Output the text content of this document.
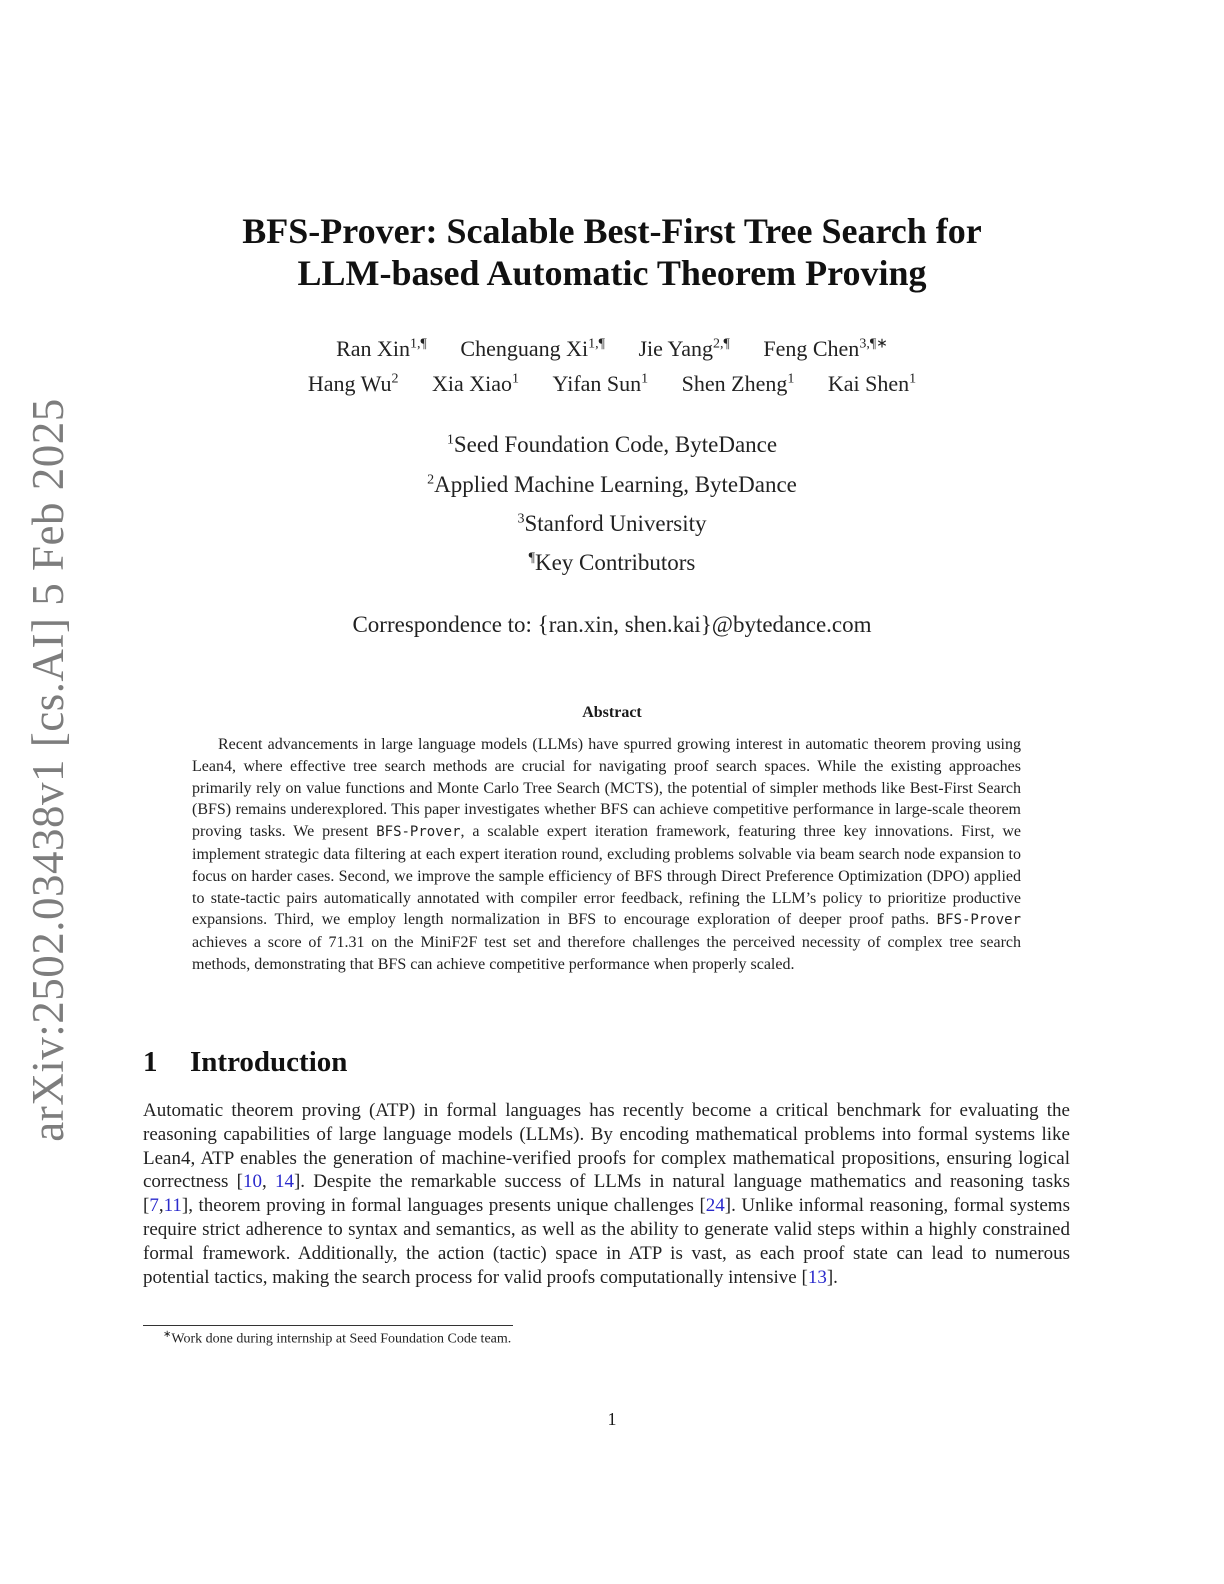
arXiv:2502.03438v1 [cs.AI] 5 Feb 2025
BFS-Prover: Scalable Best-First Tree Search for
LLM-based Automatic Theorem Proving
Ran Xin$^{1,\P}$ Chenguang $Xi^{1,\P}$ Jie Yang$^{2,\P}$ Feng Chen$^{3,\P∗}$
Hang Wu$^2$ Xia Xiao$^1$ Yifan Sun$^1$ Shen Zheng$^1$ Kai Shen$^1$
$^1$Seed Foundation Code, ByteDance
$^2$Applied Machine Learning, ByteDance
$^3$Stanford University
¶Key Contributors
Correspondence to: {ran.xin, shen.kai}@bytedance.com
Abstract
Recent advancements in large language models (LLMs) have spurred growing interest in automatic theorem proving using Lean4, where effective tree search methods are crucial for navigating proof search spaces. While the existing approaches primarily rely on value functions and Monte Carlo Tree Search (MCTS), the potential of simpler methods like Best-First Search (BFS) remains underexplored. This paper investigates whether BFS can achieve competitive performance in large-scale theorem proving tasks. We present BFS-Prover, a scalable expert iteration framework, featuring three key innovations. First, we implement strategic data filtering at each expert iteration round, excluding problems solvable via beam search node expansion to focus on harder cases. Second, we improve the sample efficiency of BFS through Direct Preference Optimization (DPO) applied to state-tactic pairs automatically annotated with compiler error feedback, refining the LLM’s policy to prioritize productive expansions. Third, we employ length normalization in BFS to encourage exploration of deeper proof paths. BFS-Prover achieves a score of 71.31 on the MiniF2F test set and therefore challenges the perceived necessity of complex tree search methods, demonstrating that BFS can achieve competitive performance when properly scaled.
1 Introduction
Automatic theorem proving (ATP) in formal languages has recently become a critical benchmark for evaluating the reasoning capabilities of large language models (LLMs). By encoding mathematical problems into formal systems like Lean4, ATP enables the generation of machine-verified proofs for complex mathematical propositions, ensuring logical correctness [10, 14]. Despite the remarkable success of LLMs in natural language mathematics and reasoning tasks [7,11], theorem proving in formal languages presents unique challenges [24]. Unlike informal reasoning, formal systems require strict adherence to syntax and semantics, as well as the ability to generate valid steps within a highly constrained formal framework. Additionally, the action (tactic) space in ATP is vast, as each proof state can lead to numerous potential tactics, making the search process for valid proofs computationally intensive [13].
∗Work done during internship at Seed Foundation Code team.
1
